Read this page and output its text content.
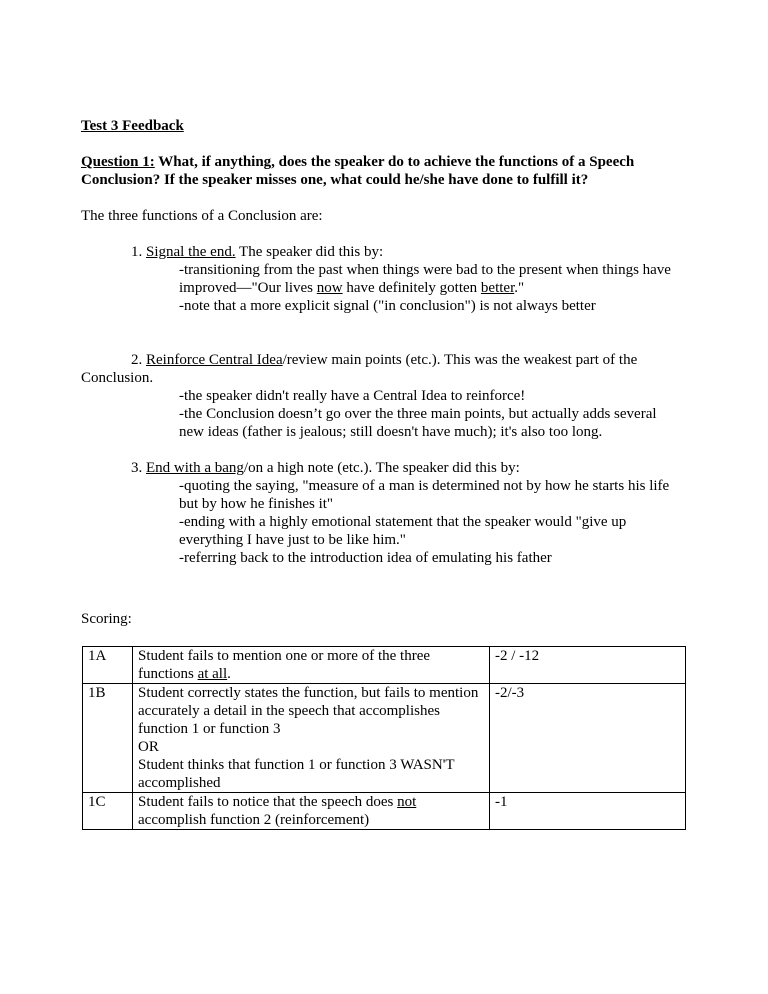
Test 3 Feedback
Question 1: What, if anything, does the speaker do to achieve the functions of a Speech Conclusion? If the speaker misses one, what could he/she have done to fulfill it?
The three functions of a Conclusion are:

1. Signal the end. The speaker did this by:

-transitioning from the past when things were bad to the present when things have improved—"Our lives now have definitely gotten better."

-note that a more explicit signal ("in conclusion") is not always better

2. Reinforce Central Idea/review main points (etc.). This was the weakest part of the Conclusion.

-the speaker didn't really have a Central Idea to reinforce!

-the Conclusion doesn’t go over the three main points, but actually adds several new ideas (father is jealous; still doesn't have much); it's also too long.

3. End with a bang/on a high note (etc.). The speaker did this by:

-quoting the saying, "measure of a man is determined not by how he starts his life but by how he finishes it"

-ending with a highly emotional statement that the speaker would "give up everything I have just to be like him."

-referring back to the introduction idea of emulating his father

Scoring:
1A	Student fails to mention one or more of the three functions at all.	-2 / -12
1B	Student correctly states the function, but fails to mention accurately a detail in the speech that accomplishes function 1 or function 3
OR
Student thinks that function 1 or function 3 WASN'T accomplished	-2/-3
1C	Student fails to notice that the speech does not accomplish function 2 (reinforcement)	-1
